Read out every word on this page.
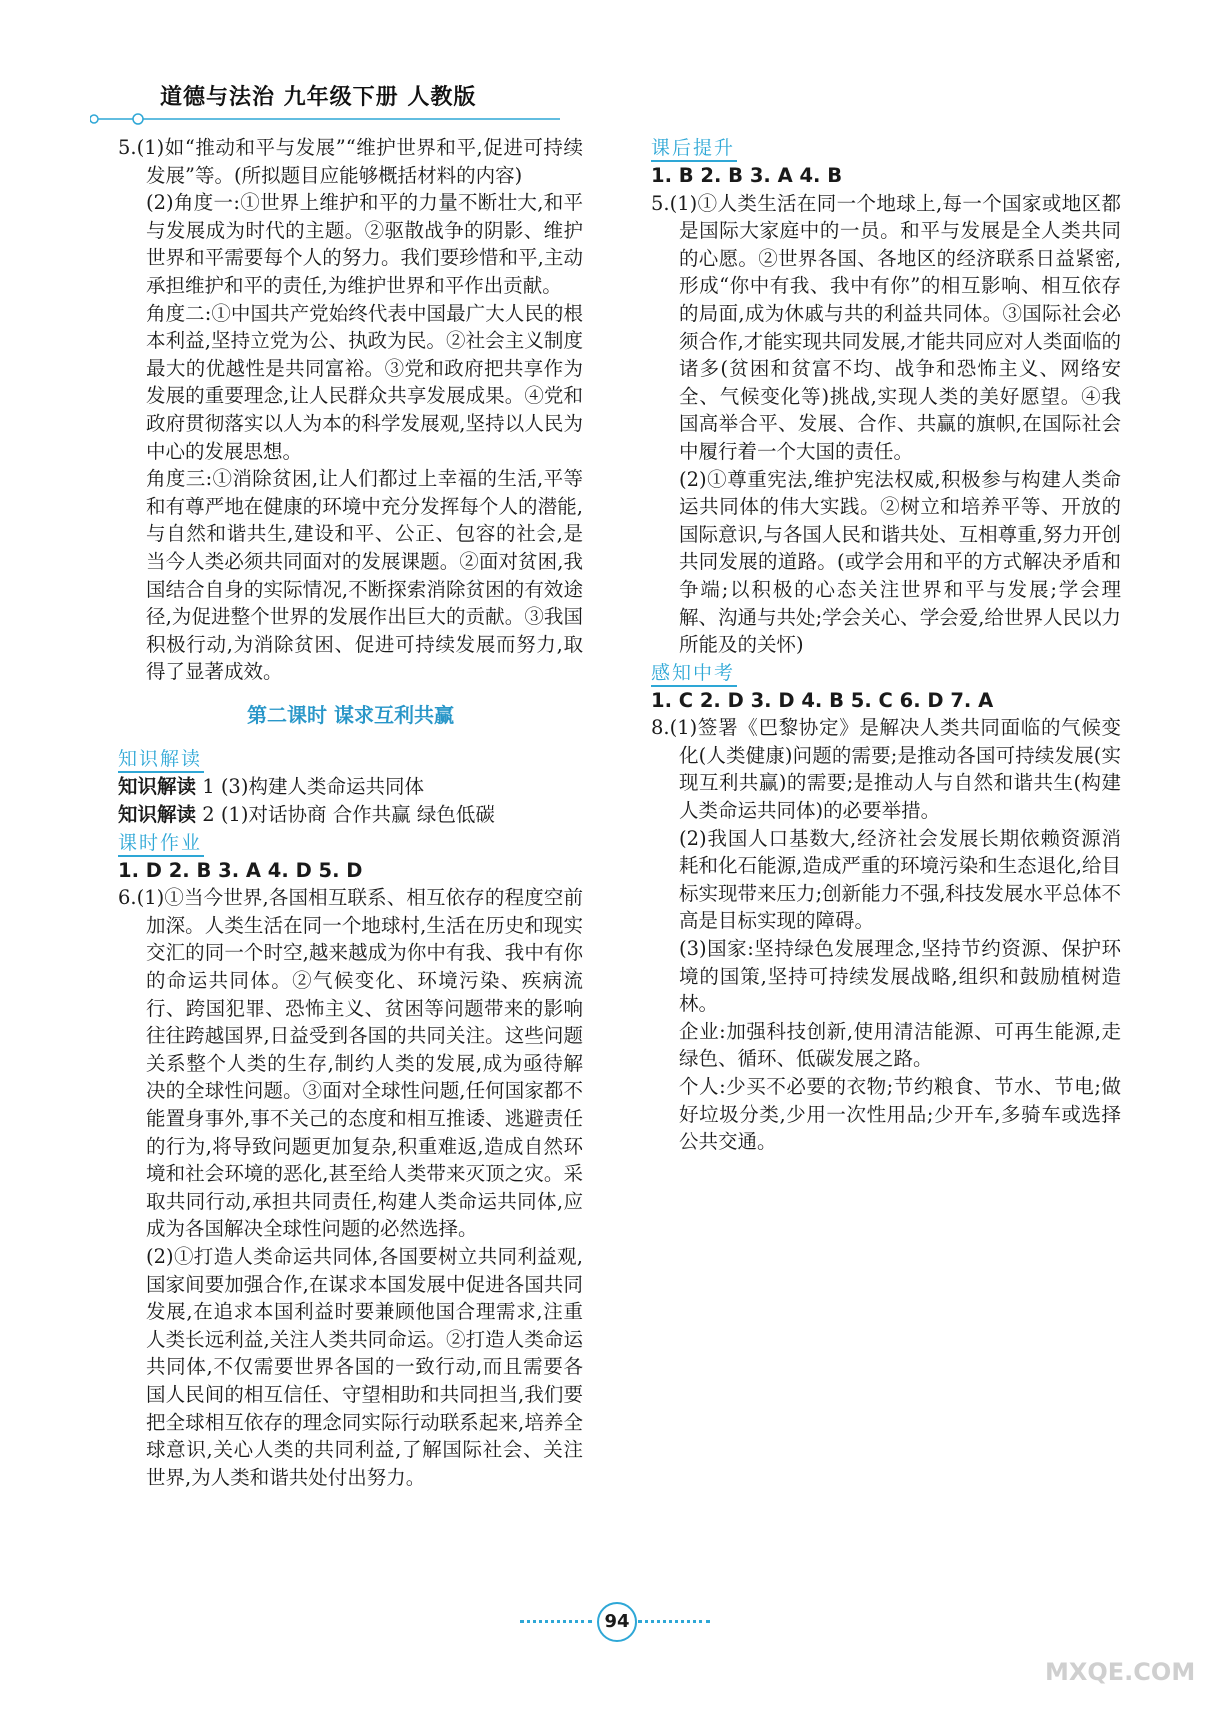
道德与法治 九年级下册 人教版

5.(1)如“推动和平与发展”“维护世界和平,促进可持续发展”等。(所拟题目应能够概括材料的内容)

(2)角度一:①世界上维护和平的力量不断壮大,和平与发展成为时代的主题。②驱散战争的阴影、维护世界和平需要每个人的努力。我们要珍惜和平,主动承担维护和平的责任,为维护世界和平作出贡献。

角度二:①中国共产党始终代表中国最广大人民的根本利益,坚持立党为公、执政为民。②社会主义制度最大的优越性是共同富裕。③党和政府把共享作为发展的重要理念,让人民群众共享发展成果。④党和政府贯彻落实以人为本的科学发展观,坚持以人民为中心的发展思想。

角度三:①消除贫困,让人们都过上幸福的生活,平等和有尊严地在健康的环境中充分发挥每个人的潜能,与自然和谐共生,建设和平、公正、包容的社会,是当今人类必须共同面对的发展课题。②面对贫困,我国结合自身的实际情况,不断探索消除贫困的有效途径,为促进整个世界的发展作出巨大的贡献。③我国积极行动,为消除贫困、促进可持续发展而努力,取得了显著成效。

第二课时 谋求互利共赢
知识解读

知识解读 1 (3)构建人类命运共同体

知识解读 2 (1)对话协商 合作共赢 绿色低碳

课时作业

1. D 2. B 3. A 4. D 5. D

6.(1)①当今世界,各国相互联系、相互依存的程度空前加深。人类生活在同一个地球村,生活在历史和现实交汇的同一个时空,越来越成为你中有我、我中有你的命运共同体。②气候变化、环境污染、疾病流行、跨国犯罪、恐怖主义、贫困等问题带来的影响往往跨越国界,日益受到各国的共同关注。这些问题关系整个人类的生存,制约人类的发展,成为亟待解决的全球性问题。③面对全球性问题,任何国家都不能置身事外,事不关己的态度和相互推诿、逃避责任的行为,将导致问题更加复杂,积重难返,造成自然环境和社会环境的恶化,甚至给人类带来灭顶之灾。采取共同行动,承担共同责任,构建人类命运共同体,应成为各国解决全球性问题的必然选择。

(2)①打造人类命运共同体,各国要树立共同利益观,国家间要加强合作,在谋求本国发展中促进各国共同发展,在追求本国利益时要兼顾他国合理需求,注重人类长远利益,关注人类共同命运。②打造人类命运共同体,不仅需要世界各国的一致行动,而且需要各国人民间的相互信任、守望相助和共同担当,我们要把全球相互依存的理念同实际行动联系起来,培养全球意识,关心人类的共同利益,了解国际社会、关注世界,为人类和谐共处付出努力。

课后提升

1. B 2. B 3. A 4. B

5.(1)①人类生活在同一个地球上,每一个国家或地区都是国际大家庭中的一员。和平与发展是全人类共同的心愿。②世界各国、各地区的经济联系日益紧密,形成“你中有我、我中有你”的相互影响、相互依存的局面,成为休戚与共的利益共同体。③国际社会必须合作,才能实现共同发展,才能共同应对人类面临的诸多(贫困和贫富不均、战争和恐怖主义、网络安全、气候变化等)挑战,实现人类的美好愿望。④我国高举合平、发展、合作、共赢的旗帜,在国际社会中履行着一个大国的责任。

(2)①尊重宪法,维护宪法权威,积极参与构建人类命运共同体的伟大实践。②树立和培养平等、开放的国际意识,与各国人民和谐共处、互相尊重,努力开创共同发展的道路。(或学会用和平的方式解决矛盾和争端;以积极的心态关注世界和平与发展;学会理解、沟通与共处;学会关心、学会爱,给世界人民以力所能及的关怀)

感知中考

1. C 2. D 3. D 4. B 5. C 6. D 7. A

8.(1)签署《巴黎协定》是解决人类共同面临的气候变化(人类健康)问题的需要;是推动各国可持续发展(实现互利共赢)的需要;是推动人与自然和谐共生(构建人类命运共同体)的必要举措。

(2)我国人口基数大,经济社会发展长期依赖资源消耗和化石能源,造成严重的环境污染和生态退化,给目标实现带来压力;创新能力不强,科技发展水平总体不高是目标实现的障碍。

(3)国家:坚持绿色发展理念,坚持节约资源、保护环境的国策,坚持可持续发展战略,组织和鼓励植树造林。

企业:加强科技创新,使用清洁能源、可再生能源,走绿色、循环、低碳发展之路。

个人:少买不必要的衣物;节约粮食、节水、节电;做好垃圾分类,少用一次性用品;少开车,多骑车或选择公共交通。

94
MXQE.COM
